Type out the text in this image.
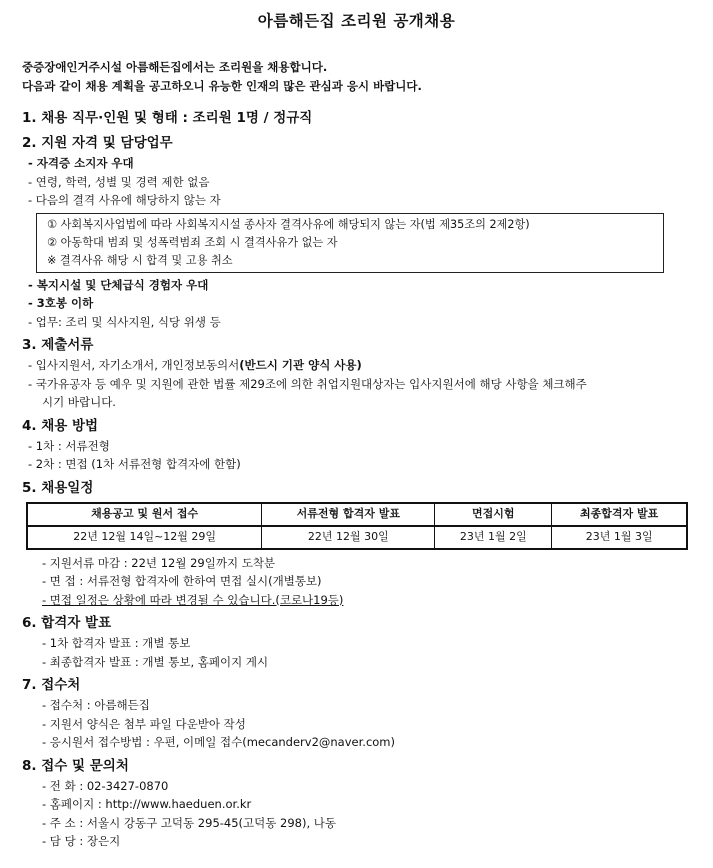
아름해든집 조리원 공개채용
중증장애인거주시설 아름해든집에서는 조리원을 채용합니다.
다음과 같이 채용 계획을 공고하오니 유능한 인재의 많은 관심과 응시 바랍니다.
1. 채용 직무·인원 및 형태 : 조리원 1명 / 정규직
2. 지원 자격 및 담당업무
- 자격증 소지자 우대
- 연령, 학력, 성별 및 경력 제한 없음
- 다음의 결격 사유에 해당하지 않는 자
① 사회복지사업법에 따라 사회복지시설 종사자 결격사유에 해당되지 않는 자(법 제35조의 2제2항)
② 아동학대 범죄 및 성폭력범죄 조회 시 결격사유가 없는 자
※ 결격사유 해당 시 합격 및 고용 취소
- 복지시설 및 단체급식 경험자 우대
- 3호봉 이하
- 업무: 조리 및 식사지원, 식당 위생 등
3. 제출서류
- 입사지원서, 자기소개서, 개인정보동의서(반드시 기관 양식 사용)
- 국가유공자 등 예우 및 지원에 관한 법률 제29조에 의한 취업지원대상자는 입사지원서에 해당 사항을 체크해주
시기 바랍니다.
4. 채용 방법
- 1차 : 서류전형
- 2차 : 면접 (1차 서류전형 합격자에 한함)
5. 채용일정
채용공고 및 원서 접수	서류전형 합격자 발표	면접시험	최종합격자 발표
22년 12월 14일~12월 29일	22년 12월 30일	23년 1월 2일	23년 1월 3일
- 지원서류 마감 : 22년 12월 29일까지 도착분
- 면 접 : 서류전형 합격자에 한하여 면접 실시(개별통보)
- 면접 일정은 상황에 따라 변경될 수 있습니다.(코로나19등)
6. 합격자 발표
- 1차 합격자 발표 : 개별 통보
- 최종합격자 발표 : 개별 통보, 홈페이지 게시
7. 접수처
- 접수처 : 아름해든집
- 지원서 양식은 첨부 파일 다운받아 작성
- 응시원서 접수방법 : 우편, 이메일 접수(mecanderv2@naver.com)
8. 접수 및 문의처
- 전 화 : 02-3427-0870
- 홈페이지 : http://www.haeduen.or.kr
- 주 소 : 서울시 강동구 고덕동 295-45(고덕동 298), 나동
- 담 당 : 장은지
